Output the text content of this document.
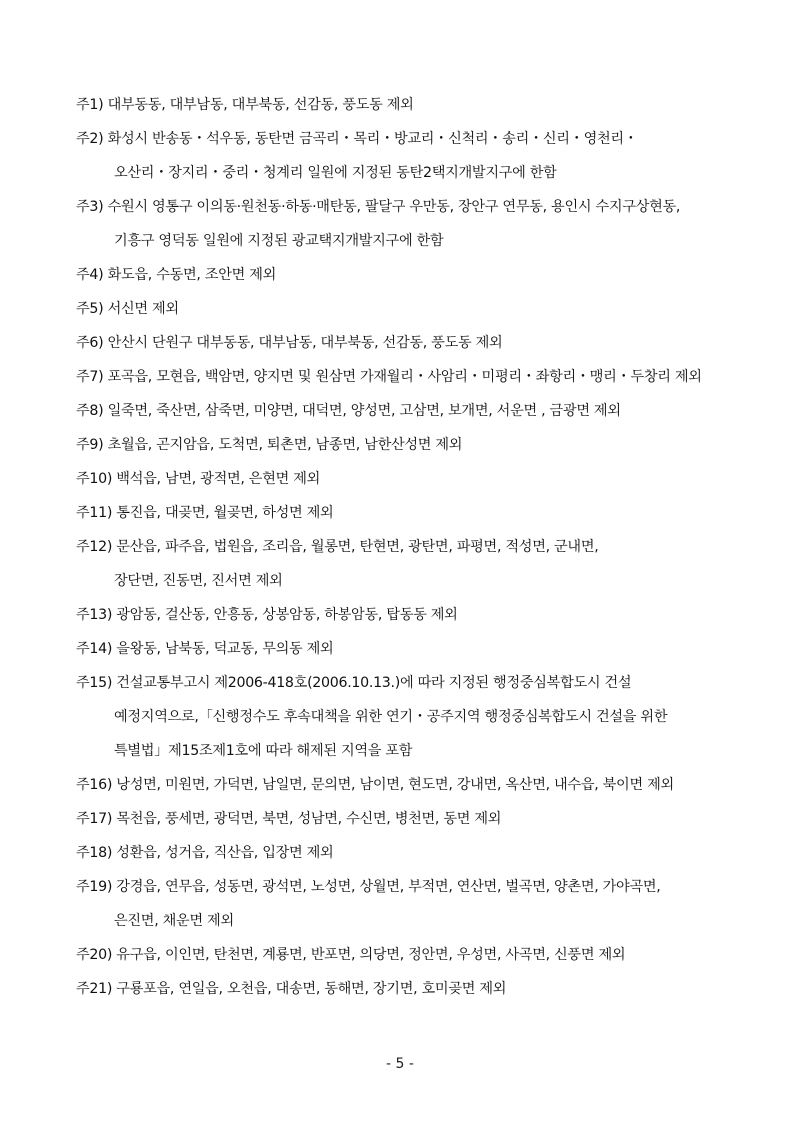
주1) 대부동동, 대부남동, 대부북동, 선감동, 풍도동 제외
주2) 화성시 반송동・석우동, 동탄면 금곡리・목리・방교리・신척리・송리・신리・영천리・
오산리・장지리・중리・청계리 일원에 지정된 동탄2택지개발지구에 한함
주3) 수원시 영통구 이의동·원천동·하동·매탄동, 팔달구 우만동, 장안구 연무동, 용인시 수지구상현동,
기흥구 영덕동 일원에 지정된 광교택지개발지구에 한함
주4) 화도읍, 수동면, 조안면 제외
주5) 서신면 제외
주6) 안산시 단원구 대부동동, 대부남동, 대부북동, 선감동, 풍도동 제외
주7) 포곡읍, 모현읍, 백암면, 양지면 및 원삼면 가재월리・사암리・미평리・좌항리・맹리・두창리 제외
주8) 일죽면, 죽산면, 삼죽면, 미양면, 대덕면, 양성면, 고삼면, 보개면, 서운면 , 금광면 제외
주9) 초월읍, 곤지암읍, 도척면, 퇴촌면, 남종면, 남한산성면 제외
주10) 백석읍, 남면, 광적면, 은현면 제외
주11) 통진읍, 대곶면, 월곶면, 하성면 제외
주12) 문산읍, 파주읍, 법원읍, 조리읍, 월롱면, 탄현면, 광탄면, 파평면, 적성면, 군내면,
장단면, 진동면, 진서면 제외
주13) 광암동, 걸산동, 안흥동, 상봉암동, 하봉암동, 탑동동 제외
주14) 을왕동, 남북동, 덕교동, 무의동 제외
주15) 건설교통부고시 제2006-418호(2006.10.13.)에 따라 지정된 행정중심복합도시 건설
예정지역으로,「신행정수도 후속대책을 위한 연기・공주지역 행정중심복합도시 건설을 위한
특별법」제15조제1호에 따라 해제된 지역을 포함
주16) 낭성면, 미원면, 가덕면, 남일면, 문의면, 남이면, 현도면, 강내면, 옥산면, 내수읍, 북이면 제외
주17) 목천읍, 풍세면, 광덕면, 북면, 성남면, 수신면, 병천면, 동면 제외
주18) 성환읍, 성거읍, 직산읍, 입장면 제외
주19) 강경읍, 연무읍, 성동면, 광석면, 노성면, 상월면, 부적면, 연산면, 벌곡면, 양촌면, 가야곡면,
은진면, 채운면 제외
주20) 유구읍, 이인면, 탄천면, 계룡면, 반포면, 의당면, 정안면, 우성면, 사곡면, 신풍면 제외
주21) 구룡포읍, 연일읍, 오천읍, 대송면, 동해면, 장기면, 호미곶면 제외
- 5 -
